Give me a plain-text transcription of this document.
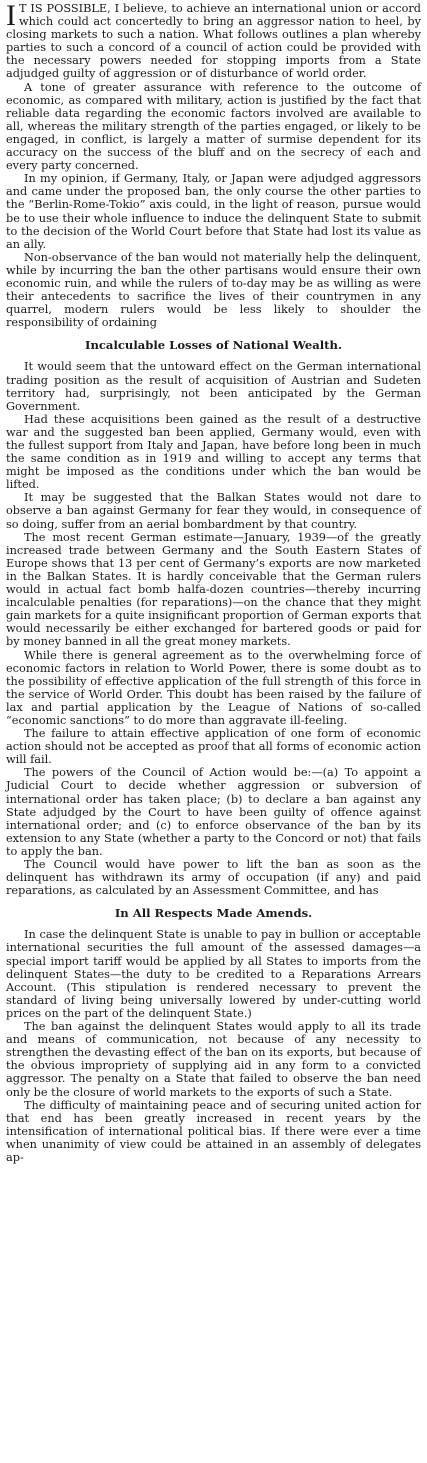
I T IS POSSIBLE, I believe, to achieve an international union or accord which could act concertedly to bring an aggressor nation to heel, by closing markets to such a nation. What follows outlines a plan whereby parties to such a concord of a council of action could be provided with the necessary powers needed for stopping imports from a State adjudged guilty of aggression or of disturbance of world order.

A tone of greater assurance with reference to the outcome of economic, as compared with military, action is justified by the fact that reliable data regarding the economic factors involved are available to all, whereas the military strength of the parties engaged, or likely to be engaged, in conflict, is largely a matter of surmise dependent for its accuracy on the success of the bluff and on the secrecy of each and every party concerned.

In my opinion, if Germany, Italy, or Japan were adjudged aggressors and came under the proposed ban, the only course the other parties to the “Berlin-Rome-Tokio” axis could, in the light of reason, pursue would be to use their whole influence to induce the delinquent State to submit to the decision of the World Court before that State had lost its value as an ally.

Non-observance of the ban would not materially help the delinquent, while by incurring the ban the other partisans would ensure their own economic ruin, and while the rulers of to-day may be as willing as were their antecedents to sacrifice the lives of their countrymen in any quarrel, modern rulers would be less likely to shoulder the responsibility of ordaining

Incalculable Losses of National Wealth.

It would seem that the untoward effect on the German international trading position as the result of acquisition of Austrian and Sudeten territory had, surprisingly, not been anticipated by the German Government.

Had these acquisitions been gained as the result of a destructive war and the suggested ban been applied, Germany would, even with the fullest support from Italy and Japan, have before long been in much the same condition as in 1919 and willing to accept any terms that might be imposed as the conditions under which the ban would be lifted.

It may be suggested that the Balkan States would not dare to observe a ban against Germany for fear they would, in consequence of so doing, suffer from an aerial bombardment by that country.

The most recent German estimate—January, 1939—of the greatly increased trade between Germany and the South Eastern States of Europe shows that 13 per cent of Germany’s exports are now marketed in the Balkan States. It is hardly conceivable that the German rulers would in actual fact bomb halfa-dozen countries—thereby incurring incalculable penalties (for reparations)—on the chance that they might gain markets for a quite insignificant proportion of German exports that would necessarily be either exchanged for bartered goods or paid for by money banned in all the great money markets.

While there is general agreement as to the overwhelming force of economic factors in relation to World Power, there is some doubt as to the possibility of effective application of the full strength of this force in the service of World Order. This doubt has been raised by the failure of lax and partial application by the League of Nations of so-called “economic sanctions” to do more than aggravate ill-feeling.

The failure to attain effective application of one form of economic action should not be accepted as proof that all forms of economic action will fail.

The powers of the Council of Action would be:—(a) To appoint a Judicial Court to decide whether aggression or subversion of international order has taken place; (b) to declare a ban against any State adjudged by the Court to have been guilty of offence against international order; and (c) to enforce observance of the ban by its extension to any State (whether a party to the Concord or not) that fails to apply the ban.

The Council would have power to lift the ban as soon as the delinquent has withdrawn its army of occupation (if any) and paid reparations, as calculated by an Assessment Committee, and has

In All Respects Made Amends.

In case the delinquent State is unable to pay in bullion or acceptable international securities the full amount of the assessed damages—a special import tariff would be applied by all States to imports from the delinquent States—the duty to be credited to a Reparations Arrears Account. (This stipulation is rendered necessary to prevent the standard of living being universally lowered by under-cutting world prices on the part of the delinquent State.)

The ban against the delinquent States would apply to all its trade and means of communication, not because of any necessity to strengthen the devasting effect of the ban on its exports, but because of the obvious impropriety of supplying aid in any form to a convicted aggressor. The penalty on a State that failed to observe the ban need only be the closure of world markets to the exports of such a State.

The difficulty of maintaining peace and of securing united action for that end has been greatly increased in recent years by the intensification of international political bias. If there were ever a time when unanimity of view could be attained in an assembly of delegates ap-
